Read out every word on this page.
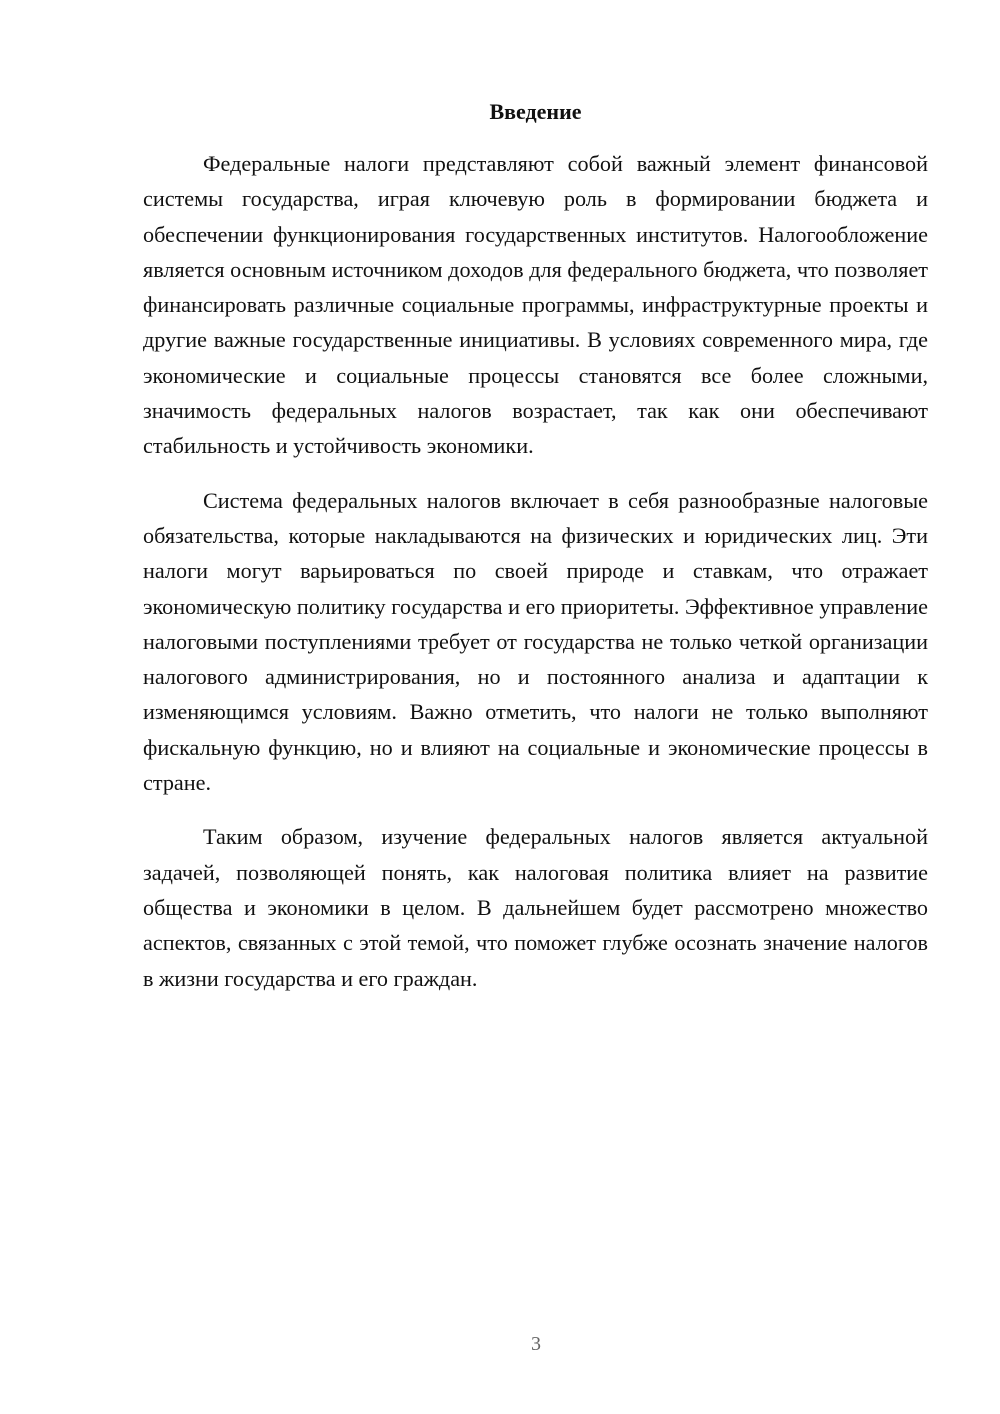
Введение

Федеральные налоги представляют собой важный элемент финансовой системы государства, играя ключевую роль в формировании бюджета и обеспечении функционирования государственных институтов. Налогообложение является основным источником доходов для федерального бюджета, что позволяет финансировать различные социальные программы, инфраструктурные проекты и другие важные государственные инициативы. В условиях современного мира, где экономические и социальные процессы становятся все более сложными, значимость федеральных налогов возрастает, так как они обеспечивают стабильность и устойчивость экономики.

Система федеральных налогов включает в себя разнообразные налоговые обязательства, которые накладываются на физических и юридических лиц. Эти налоги могут варьироваться по своей природе и ставкам, что отражает экономическую политику государства и его приоритеты. Эффективное управление налоговыми поступлениями требует от государства не только четкой организации налогового администрирования, но и постоянного анализа и адаптации к изменяющимся условиям. Важно отметить, что налоги не только выполняют фискальную функцию, но и влияют на социальные и экономические процессы в стране.

Таким образом, изучение федеральных налогов является актуальной задачей, позволяющей понять, как налоговая политика влияет на развитие общества и экономики в целом. В дальнейшем будет рассмотрено множество аспектов, связанных с этой темой, что поможет глубже осознать значение налогов в жизни государства и его граждан.

3
